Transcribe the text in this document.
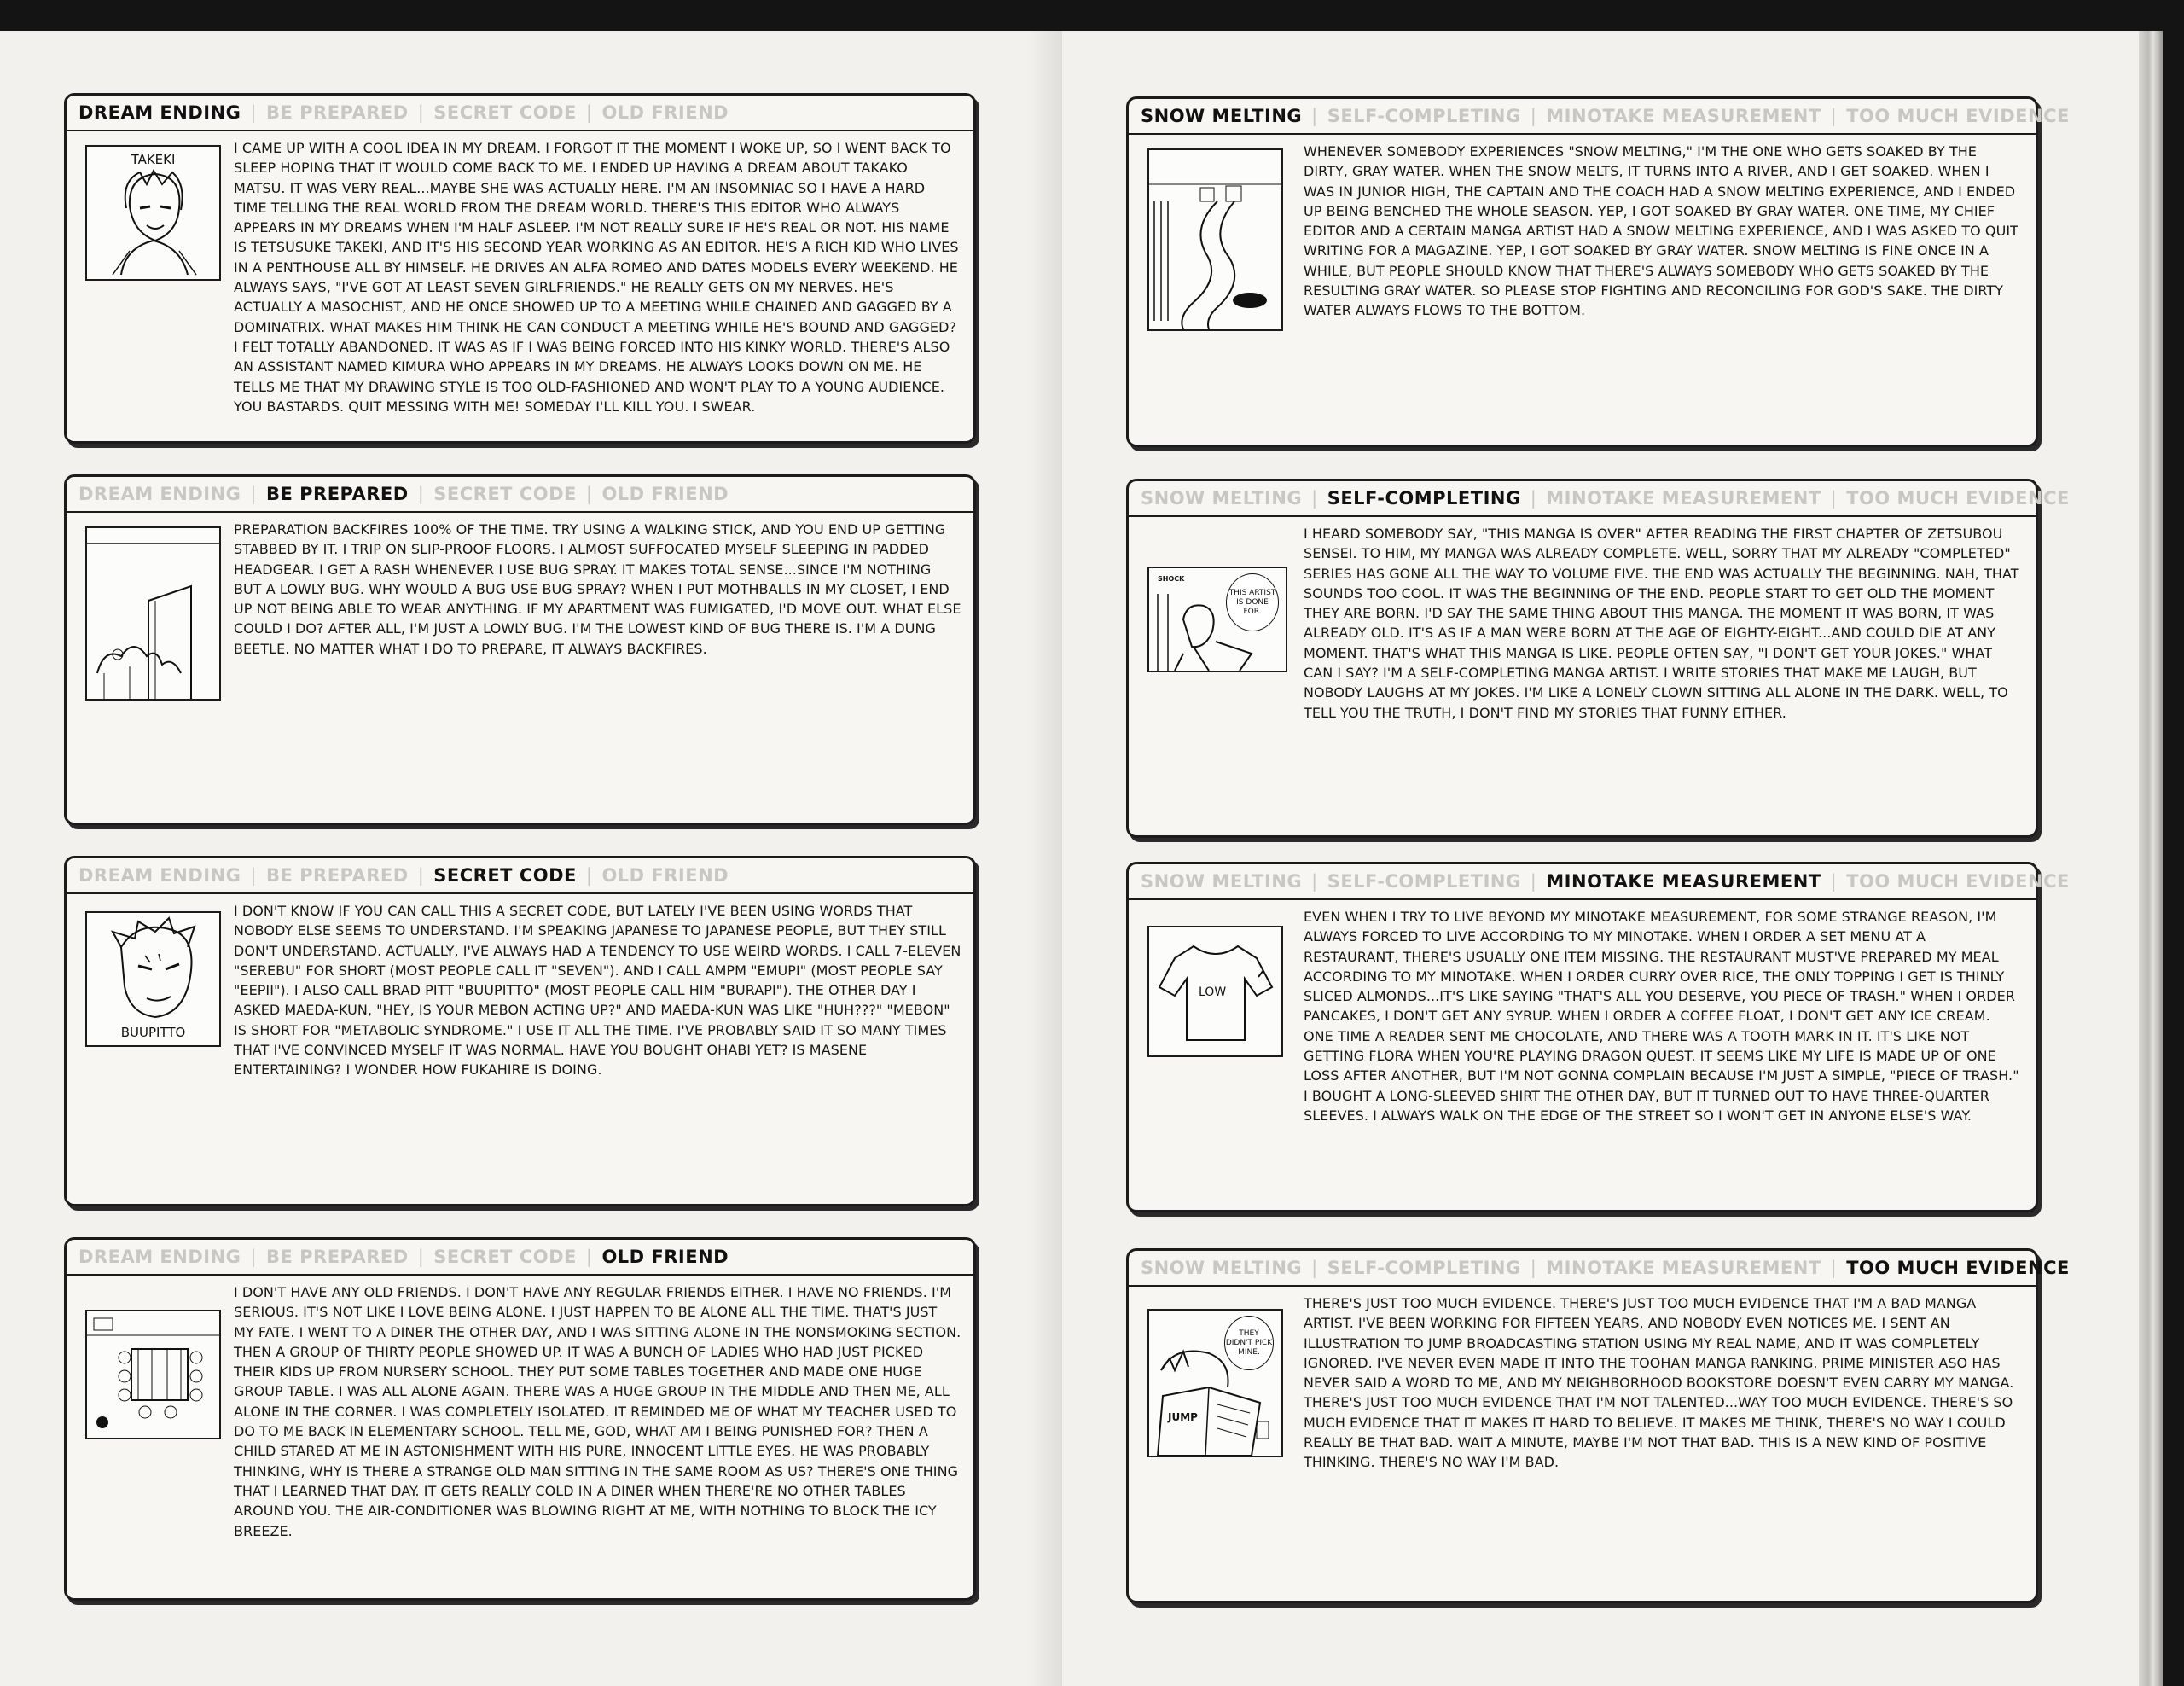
DREAM ENDING | BE PREPARED | SECRET CODE | OLD FRIEND
TAKEKI

I CAME UP WITH A COOL IDEA IN MY DREAM. I FORGOT IT THE MOMENT I WOKE UP, SO I WENT BACK TO SLEEP HOPING THAT IT WOULD COME BACK TO ME. I ENDED UP HAVING A DREAM ABOUT TAKAKO MATSU. IT WAS VERY REAL...MAYBE SHE WAS ACTUALLY HERE. I'M AN INSOMNIAC SO I HAVE A HARD TIME TELLING THE REAL WORLD FROM THE DREAM WORLD. THERE'S THIS EDITOR WHO ALWAYS APPEARS IN MY DREAMS WHEN I'M HALF ASLEEP. I'M NOT REALLY SURE IF HE'S REAL OR NOT. HIS NAME IS TETSUSUKE TAKEKI, AND IT'S HIS SECOND YEAR WORKING AS AN EDITOR. HE'S A RICH KID WHO LIVES IN A PENTHOUSE ALL BY HIMSELF. HE DRIVES AN ALFA ROMEO AND DATES MODELS EVERY WEEKEND. HE ALWAYS SAYS, "I'VE GOT AT LEAST SEVEN GIRLFRIENDS." HE REALLY GETS ON MY NERVES. HE'S ACTUALLY A MASOCHIST, AND HE ONCE SHOWED UP TO A MEETING WHILE CHAINED AND GAGGED BY A DOMINATRIX. WHAT MAKES HIM THINK HE CAN CONDUCT A MEETING WHILE HE'S BOUND AND GAGGED? I FELT TOTALLY ABANDONED. IT WAS AS IF I WAS BEING FORCED INTO HIS KINKY WORLD. THERE'S ALSO AN ASSISTANT NAMED KIMURA WHO APPEARS IN MY DREAMS. HE ALWAYS LOOKS DOWN ON ME. HE TELLS ME THAT MY DRAWING STYLE IS TOO OLD-FASHIONED AND WON'T PLAY TO A YOUNG AUDIENCE. YOU BASTARDS. QUIT MESSING WITH ME! SOMEDAY I'LL KILL YOU. I SWEAR.

DREAM ENDING | BE PREPARED | SECRET CODE | OLD FRIEND

PREPARATION BACKFIRES 100% OF THE TIME. TRY USING A WALKING STICK, AND YOU END UP GETTING STABBED BY IT. I TRIP ON SLIP-PROOF FLOORS. I ALMOST SUFFOCATED MYSELF SLEEPING IN PADDED HEADGEAR. I GET A RASH WHENEVER I USE BUG SPRAY. IT MAKES TOTAL SENSE...SINCE I'M NOTHING BUT A LOWLY BUG. WHY WOULD A BUG USE BUG SPRAY? WHEN I PUT MOTHBALLS IN MY CLOSET, I END UP NOT BEING ABLE TO WEAR ANYTHING. IF MY APARTMENT WAS FUMIGATED, I'D MOVE OUT. WHAT ELSE COULD I DO? AFTER ALL, I'M JUST A LOWLY BUG. I'M THE LOWEST KIND OF BUG THERE IS. I'M A DUNG BEETLE. NO MATTER WHAT I DO TO PREPARE, IT ALWAYS BACKFIRES.

DREAM ENDING | BE PREPARED | SECRET CODE | OLD FRIEND
BUUPITTO

I DON'T KNOW IF YOU CAN CALL THIS A SECRET CODE, BUT LATELY I'VE BEEN USING WORDS THAT NOBODY ELSE SEEMS TO UNDERSTAND. I'M SPEAKING JAPANESE TO JAPANESE PEOPLE, BUT THEY STILL DON'T UNDERSTAND. ACTUALLY, I'VE ALWAYS HAD A TENDENCY TO USE WEIRD WORDS. I CALL 7-ELEVEN "SEREBU" FOR SHORT (MOST PEOPLE CALL IT "SEVEN"). AND I CALL AMPM "EMUPI" (MOST PEOPLE SAY "EEPII"). I ALSO CALL BRAD PITT "BUUPITTO" (MOST PEOPLE CALL HIM "BURAPI"). THE OTHER DAY I ASKED MAEDA-KUN, "HEY, IS YOUR MEBON ACTING UP?" AND MAEDA-KUN WAS LIKE "HUH???" "MEBON" IS SHORT FOR "METABOLIC SYNDROME." I USE IT ALL THE TIME. I'VE PROBABLY SAID IT SO MANY TIMES THAT I'VE CONVINCED MYSELF IT WAS NORMAL. HAVE YOU BOUGHT OHABI YET? IS MASENE ENTERTAINING? I WONDER HOW FUKAHIRE IS DOING.

DREAM ENDING | BE PREPARED | SECRET CODE | OLD FRIEND

I DON'T HAVE ANY OLD FRIENDS. I DON'T HAVE ANY REGULAR FRIENDS EITHER. I HAVE NO FRIENDS. I'M SERIOUS. IT'S NOT LIKE I LOVE BEING ALONE. I JUST HAPPEN TO BE ALONE ALL THE TIME. THAT'S JUST MY FATE. I WENT TO A DINER THE OTHER DAY, AND I WAS SITTING ALONE IN THE NONSMOKING SECTION. THEN A GROUP OF THIRTY PEOPLE SHOWED UP. IT WAS A BUNCH OF LADIES WHO HAD JUST PICKED THEIR KIDS UP FROM NURSERY SCHOOL. THEY PUT SOME TABLES TOGETHER AND MADE ONE HUGE GROUP TABLE. I WAS ALL ALONE AGAIN. THERE WAS A HUGE GROUP IN THE MIDDLE AND THEN ME, ALL ALONE IN THE CORNER. I WAS COMPLETELY ISOLATED. IT REMINDED ME OF WHAT MY TEACHER USED TO DO TO ME BACK IN ELEMENTARY SCHOOL. TELL ME, GOD, WHAT AM I BEING PUNISHED FOR? THEN A CHILD STARED AT ME IN ASTONISHMENT WITH HIS PURE, INNOCENT LITTLE EYES. HE WAS PROBABLY THINKING, WHY IS THERE A STRANGE OLD MAN SITTING IN THE SAME ROOM AS US? THERE'S ONE THING THAT I LEARNED THAT DAY. IT GETS REALLY COLD IN A DINER WHEN THERE'RE NO OTHER TABLES AROUND YOU. THE AIR-CONDITIONER WAS BLOWING RIGHT AT ME, WITH NOTHING TO BLOCK THE ICY BREEZE.

SNOW MELTING | SELF-COMPLETING | MINOTAKE MEASUREMENT | TOO MUCH EVIDENCE

WHENEVER SOMEBODY EXPERIENCES "SNOW MELTING," I'M THE ONE WHO GETS SOAKED BY THE DIRTY, GRAY WATER. WHEN THE SNOW MELTS, IT TURNS INTO A RIVER, AND I GET SOAKED. WHEN I WAS IN JUNIOR HIGH, THE CAPTAIN AND THE COACH HAD A SNOW MELTING EXPERIENCE, AND I ENDED UP BEING BENCHED THE WHOLE SEASON. YEP, I GOT SOAKED BY GRAY WATER. ONE TIME, MY CHIEF EDITOR AND A CERTAIN MANGA ARTIST HAD A SNOW MELTING EXPERIENCE, AND I WAS ASKED TO QUIT WRITING FOR A MAGAZINE. YEP, I GOT SOAKED BY GRAY WATER. SNOW MELTING IS FINE ONCE IN A WHILE, BUT PEOPLE SHOULD KNOW THAT THERE'S ALWAYS SOMEBODY WHO GETS SOAKED BY THE RESULTING GRAY WATER. SO PLEASE STOP FIGHTING AND RECONCILING FOR GOD'S SAKE. THE DIRTY WATER ALWAYS FLOWS TO THE BOTTOM.

SNOW MELTING | SELF-COMPLETING | MINOTAKE MEASUREMENT | TOO MUCH EVIDENCE
SHOCK
THIS ARTIST IS DONE FOR.

I HEARD SOMEBODY SAY, "THIS MANGA IS OVER" AFTER READING THE FIRST CHAPTER OF ZETSUBOU SENSEI. TO HIM, MY MANGA WAS ALREADY COMPLETE. WELL, SORRY THAT MY ALREADY "COMPLETED" SERIES HAS GONE ALL THE WAY TO VOLUME FIVE. THE END WAS ACTUALLY THE BEGINNING. NAH, THAT SOUNDS TOO COOL. IT WAS THE BEGINNING OF THE END. PEOPLE START TO GET OLD THE MOMENT THEY ARE BORN. I'D SAY THE SAME THING ABOUT THIS MANGA. THE MOMENT IT WAS BORN, IT WAS ALREADY OLD. IT'S AS IF A MAN WERE BORN AT THE AGE OF EIGHTY-EIGHT...AND COULD DIE AT ANY MOMENT. THAT'S WHAT THIS MANGA IS LIKE. PEOPLE OFTEN SAY, "I DON'T GET YOUR JOKES." WHAT CAN I SAY? I'M A SELF-COMPLETING MANGA ARTIST. I WRITE STORIES THAT MAKE ME LAUGH, BUT NOBODY LAUGHS AT MY JOKES. I'M LIKE A LONELY CLOWN SITTING ALL ALONE IN THE DARK. WELL, TO TELL YOU THE TRUTH, I DON'T FIND MY STORIES THAT FUNNY EITHER.

SNOW MELTING | SELF-COMPLETING | MINOTAKE MEASUREMENT | TOO MUCH EVIDENCE
LOW

EVEN WHEN I TRY TO LIVE BEYOND MY MINOTAKE MEASUREMENT, FOR SOME STRANGE REASON, I'M ALWAYS FORCED TO LIVE ACCORDING TO MY MINOTAKE. WHEN I ORDER A SET MENU AT A RESTAURANT, THERE'S USUALLY ONE ITEM MISSING. THE RESTAURANT MUST'VE PREPARED MY MEAL ACCORDING TO MY MINOTAKE. WHEN I ORDER CURRY OVER RICE, THE ONLY TOPPING I GET IS THINLY SLICED ALMONDS...IT'S LIKE SAYING "THAT'S ALL YOU DESERVE, YOU PIECE OF TRASH." WHEN I ORDER PANCAKES, I DON'T GET ANY SYRUP. WHEN I ORDER A COFFEE FLOAT, I DON'T GET ANY ICE CREAM. ONE TIME A READER SENT ME CHOCOLATE, AND THERE WAS A TOOTH MARK IN IT. IT'S LIKE NOT GETTING FLORA WHEN YOU'RE PLAYING DRAGON QUEST. IT SEEMS LIKE MY LIFE IS MADE UP OF ONE LOSS AFTER ANOTHER, BUT I'M NOT GONNA COMPLAIN BECAUSE I'M JUST A SIMPLE, "PIECE OF TRASH." I BOUGHT A LONG-SLEEVED SHIRT THE OTHER DAY, BUT IT TURNED OUT TO HAVE THREE-QUARTER SLEEVES. I ALWAYS WALK ON THE EDGE OF THE STREET SO I WON'T GET IN ANYONE ELSE'S WAY.

SNOW MELTING | SELF-COMPLETING | MINOTAKE MEASUREMENT | TOO MUCH EVIDENCE
THEY DIDN'T PICK MINE.
JUMP

THERE'S JUST TOO MUCH EVIDENCE. THERE'S JUST TOO MUCH EVIDENCE THAT I'M A BAD MANGA ARTIST. I'VE BEEN WORKING FOR FIFTEEN YEARS, AND NOBODY EVEN NOTICES ME. I SENT AN ILLUSTRATION TO JUMP BROADCASTING STATION USING MY REAL NAME, AND IT WAS COMPLETELY IGNORED. I'VE NEVER EVEN MADE IT INTO THE TOOHAN MANGA RANKING. PRIME MINISTER ASO HAS NEVER SAID A WORD TO ME, AND MY NEIGHBORHOOD BOOKSTORE DOESN'T EVEN CARRY MY MANGA. THERE'S JUST TOO MUCH EVIDENCE THAT I'M NOT TALENTED...WAY TOO MUCH EVIDENCE. THERE'S SO MUCH EVIDENCE THAT IT MAKES IT HARD TO BELIEVE. IT MAKES ME THINK, THERE'S NO WAY I COULD REALLY BE THAT BAD. WAIT A MINUTE, MAYBE I'M NOT THAT BAD. THIS IS A NEW KIND OF POSITIVE THINKING. THERE'S NO WAY I'M BAD.
